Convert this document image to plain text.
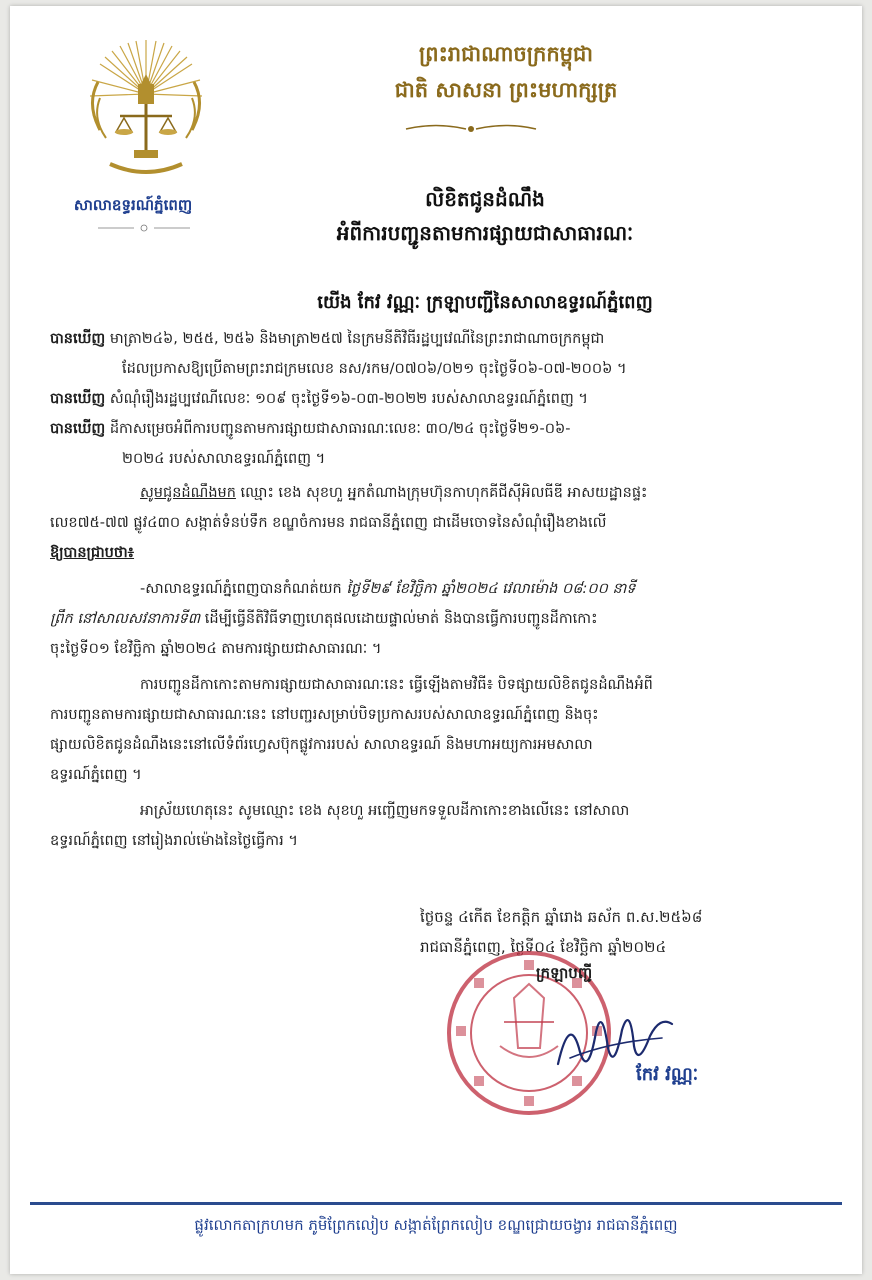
សាលាឧទ្ធរណ៍ភ្នំពេញ
ព្រះរាជាណាចក្រកម្ពុជា
ជាតិ សាសនា ព្រះមហាក្សត្រ
លិខិតជូនដំណឹង
អំពីការបញ្ជូនតាមការផ្សាយជាសាធារណៈ
យើង កែវ វណ្ណៈ ក្រឡាបញ្ជីនៃសាលាឧទ្ធរណ៍ភ្នំពេញ

បានឃើញ មាត្រា២៤៦, ២៥៥, ២៥៦ និងមាត្រា២៥៧ នៃក្រមនីតិវិធីរដ្ឋប្បវេណីនៃព្រះរាជាណាចក្រកម្ពុជា

ដែលប្រកាសឱ្យប្រើតាមព្រះរាជក្រមលេខ នស/រកម/០៧០៦/០២១ ចុះថ្ងៃទី០៦-០៧-២០០៦ ។

បានឃើញ សំណុំរឿងរដ្ឋប្បវេណីលេខៈ ១០៩ ចុះថ្ងៃទី១៦-០៣-២០២២ របស់សាលាឧទ្ធរណ៍ភ្នំពេញ ។

បានឃើញ ដីកាសម្រេចអំពីការបញ្ជូនតាមការផ្សាយជាសាធារណៈលេខៈ ៣០/២៤ ចុះថ្ងៃទី២១-០៦-

២០២៤ របស់សាលាឧទ្ធរណ៍ភ្នំពេញ ។

សូមជូនដំណឹងមក ឈ្មោះ ខេង សុខហួ អ្នកតំណាងក្រុមហ៊ុនកាហុកគីជីស៊ីអិលធីឌី អាសយដ្ឋានផ្ទះ

លេខ៧៥-៧៧ ផ្លូវ៤៣០ សង្កាត់ទំនប់ទឹក ខណ្ឌចំការមន រាជធានីភ្នំពេញ ជាដើមចោទនៃសំណុំរឿងខាងលើ

ឱ្យបានជ្រាបថា៖

-សាលាឧទ្ធរណ៍ភ្នំពេញបានកំណត់យក ថ្ងៃទី២៩ ខែវិច្ឆិកា ឆ្នាំ២០២៤ វេលាម៉ោង ០៨:០០ នាទី

ព្រឹក នៅសាលសវនាការទី៣ ដើម្បីធ្វើនីតិវិធីទាញហេតុផលដោយផ្ទាល់មាត់ និងបានធ្វើការបញ្ជូនដីកាកោះ

ចុះថ្ងៃទី០១ ខែវិច្ឆិកា ឆ្នាំ២០២៤ តាមការផ្សាយជាសាធារណៈ ។

ការបញ្ជូនដីកាកោះតាមការផ្សាយជាសាធារណៈនេះ ធ្វើឡើងតាមវិធី៖ បិទផ្សាយលិខិតជូនដំណឹងអំពី

ការបញ្ជូនតាមការផ្សាយជាសាធារណៈនេះ នៅបញ្ជរសម្រាប់បិទប្រកាសរបស់សាលាឧទ្ធរណ៍ភ្នំពេញ និងចុះ

ផ្សាយលិខិតជូនដំណឹងនេះនៅលើទំព័រហ្វេសប៊ុកផ្លូវការរបស់ សាលាឧទ្ធរណ៍ និងមហាអយ្យការអមសាលា

ឧទ្ធរណ៍ភ្នំពេញ ។

អាស្រ័យហេតុនេះ សូមឈ្មោះ ខេង សុខហួ អញ្ជើញមកទទួលដីកាកោះខាងលើនេះ នៅសាលា

ឧទ្ធរណ៍ភ្នំពេញ នៅរៀងរាល់ម៉ោងនៃថ្ងៃធ្វើការ ។

ថ្ងៃចន្ទ ៤កើត ខែកត្តិក ឆ្នាំរោង ឆស័ក ព.ស.២៥៦៨

រាជធានីភ្នំពេញ, ថ្ងៃទី០៤ ខែវិច្ឆិកា ឆ្នាំ២០២៤

ក្រឡាបញ្ជី
កែវ វណ្ណៈ
ផ្លូវលោកតាក្រហមក ភូមិព្រែកលៀប សង្កាត់ព្រែកលៀប ខណ្ឌជ្រោយចង្វារ រាជធានីភ្នំពេញ
